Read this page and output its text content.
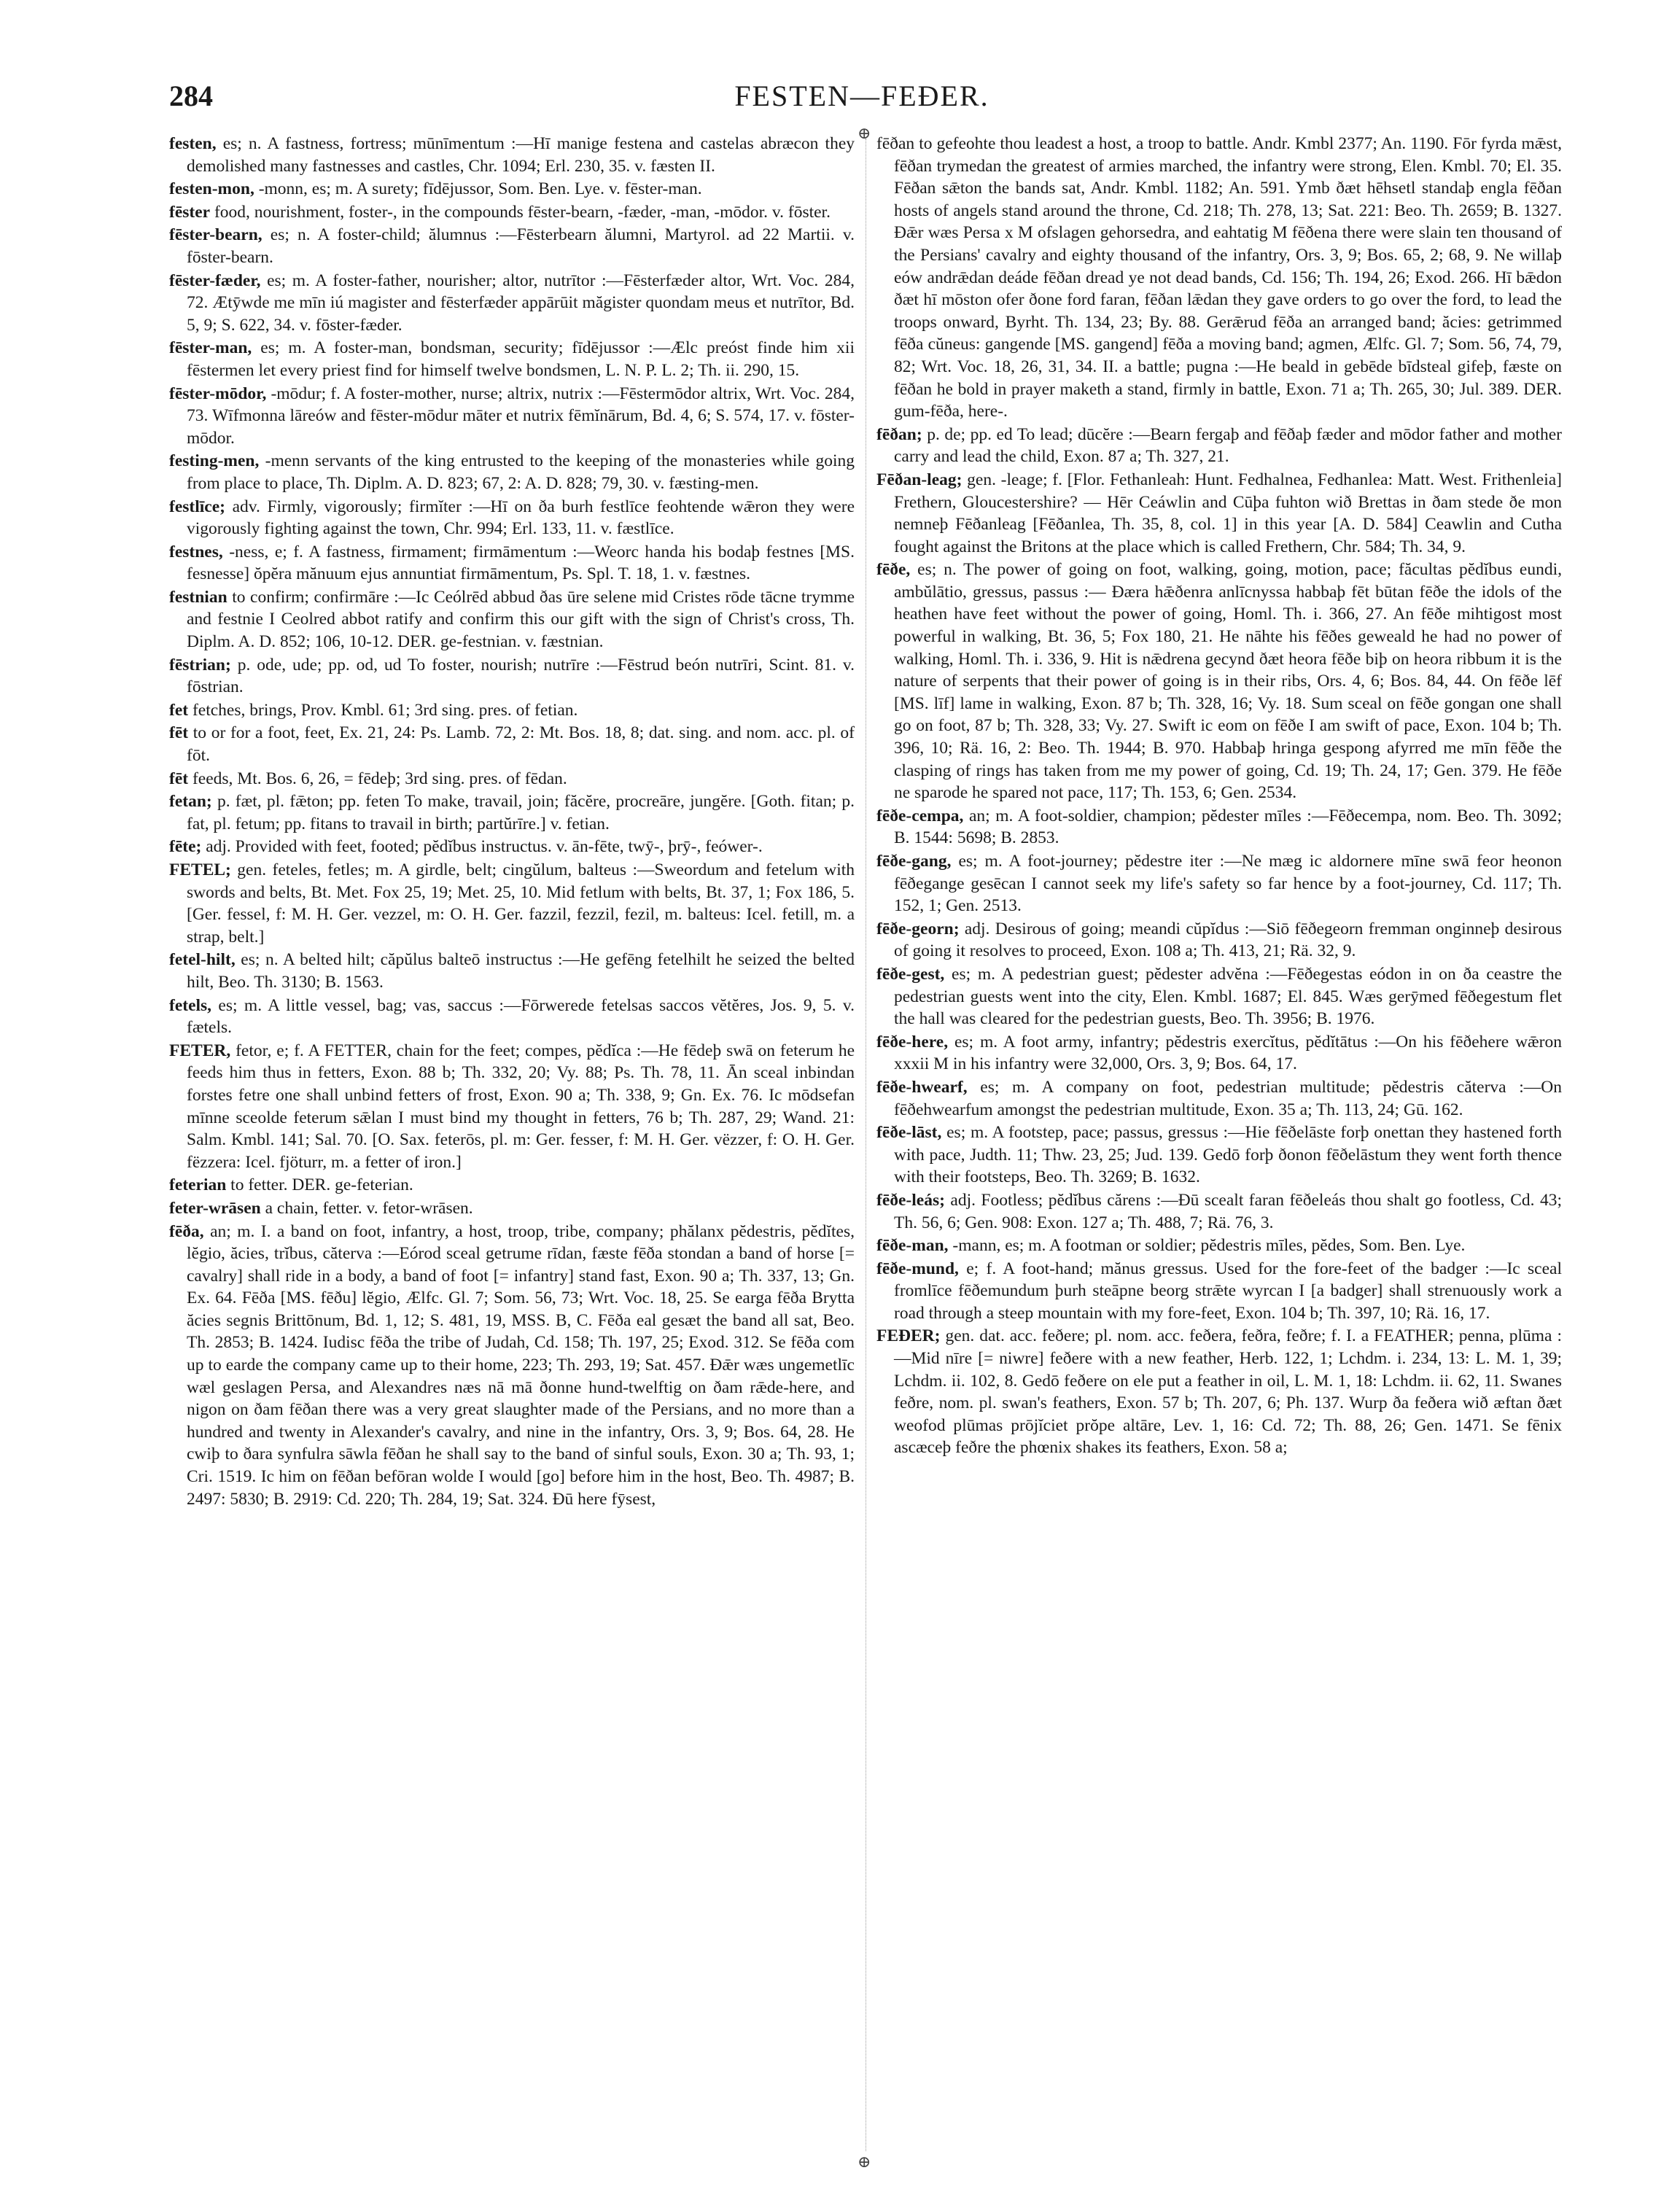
284	FESTEN—FEÐER.
⊕
⊕

festen, es; n. A fastness, fortress; mūnīmentum :—Hī manige festena and castelas abræcon they demolished many fastnesses and castles, Chr. 1094; Erl. 230, 35. v. fæsten II.

festen-mon, -monn, es; m. A surety; fīdējussor, Som. Ben. Lye. v. fēster-man.

fēster food, nourishment, foster-, in the compounds fēster-bearn, -fæder, -man, -mōdor. v. fōster.

fēster-bearn, es; n. A foster-child; ălumnus :—Fēsterbearn ălumni, Martyrol. ad 22 Martii. v. fōster-bearn.

fēster-fæder, es; m. A foster-father, nourisher; altor, nutrītor :—Fēsterfæder altor, Wrt. Voc. 284, 72. Ætȳwde me mīn iú magister and fēsterfæder appārūit măgister quondam meus et nutrītor, Bd. 5, 9; S. 622, 34. v. fōster-fæder.

fēster-man, es; m. A foster-man, bondsman, security; fīdējussor :—Ælc preóst finde him xii fēstermen let every priest find for himself twelve bondsmen, L. N. P. L. 2; Th. ii. 290, 15.

fēster-mōdor, -mōdur; f. A foster-mother, nurse; altrix, nutrix :—Fēstermōdor altrix, Wrt. Voc. 284, 73. Wīfmonna lāreów and fēster-mōdur māter et nutrix fēmĭnārum, Bd. 4, 6; S. 574, 17. v. fōster-mōdor.

festing-men, -menn servants of the king entrusted to the keeping of the monasteries while going from place to place, Th. Diplm. A. D. 823; 67, 2: A. D. 828; 79, 30. v. fæsting-men.

festlīce; adv. Firmly, vigorously; firmĭter :—Hī on ða burh festlīce feohtende wǣron they were vigorously fighting against the town, Chr. 994; Erl. 133, 11. v. fæstlīce.

festnes, -ness, e; f. A fastness, firmament; firmāmentum :—Weorc handa his bodaþ festnes [MS. fesnesse] ŏpĕra mănuum ejus annuntiat firmāmentum, Ps. Spl. T. 18, 1. v. fæstnes.

festnian to confirm; confirmāre :—Ic Ceólrēd abbud ðas ūre selene mid Cristes rōde tācne trymme and festnie I Ceolred abbot ratify and confirm this our gift with the sign of Christ's cross, Th. Diplm. A. D. 852; 106, 10-12. DER. ge-festnian. v. fæstnian.

fēstrian; p. ode, ude; pp. od, ud To foster, nourish; nutrīre :—Fēstrud beón nutrīri, Scint. 81. v. fōstrian.

fet fetches, brings, Prov. Kmbl. 61; 3rd sing. pres. of fetian.

fēt to or for a foot, feet, Ex. 21, 24: Ps. Lamb. 72, 2: Mt. Bos. 18, 8; dat. sing. and nom. acc. pl. of fōt.

fēt feeds, Mt. Bos. 6, 26, = fēdeþ; 3rd sing. pres. of fēdan.

fetan; p. fæt, pl. fǣton; pp. feten To make, travail, join; făcĕre, procreāre, jungĕre. [Goth. fitan; p. fat, pl. fetum; pp. fitans to travail in birth; partŭrīre.] v. fetian.

fēte; adj. Provided with feet, footed; pĕdĭbus instructus. v. ān-fēte, twȳ-, þrȳ-, feówer-.

FETEL; gen. feteles, fetles; m. A girdle, belt; cingŭlum, balteus :—Sweordum and fetelum with swords and belts, Bt. Met. Fox 25, 19; Met. 25, 10. Mid fetlum with belts, Bt. 37, 1; Fox 186, 5. [Ger. fessel, f: M. H. Ger. vezzel, m: O. H. Ger. fazzil, fezzil, fezil, m. balteus: Icel. fetill, m. a strap, belt.]

fetel-hilt, es; n. A belted hilt; căpŭlus balteō instructus :—He gefēng fetelhilt he seized the belted hilt, Beo. Th. 3130; B. 1563.

fetels, es; m. A little vessel, bag; vas, saccus :—Fōrwerede fetelsas saccos vĕtĕres, Jos. 9, 5. v. fætels.

FETER, fetor, e; f. A FETTER, chain for the feet; compes, pĕdĭca :—He fēdeþ swā on feterum he feeds him thus in fetters, Exon. 88 b; Th. 332, 20; Vy. 88; Ps. Th. 78, 11. Ān sceal inbindan forstes fetre one shall unbind fetters of frost, Exon. 90 a; Th. 338, 9; Gn. Ex. 76. Ic mōdsefan mīnne sceolde feterum sǣlan I must bind my thought in fetters, 76 b; Th. 287, 29; Wand. 21: Salm. Kmbl. 141; Sal. 70. [O. Sax. feterōs, pl. m: Ger. fesser, f: M. H. Ger. vëzzer, f: O. H. Ger. fëzzera: Icel. fjöturr, m. a fetter of iron.]

feterian to fetter. DER. ge-feterian.

feter-wrāsen a chain, fetter. v. fetor-wrāsen.

fēða, an; m. I. a band on foot, infantry, a host, troop, tribe, company; phălanx pĕdestris, pĕdĭtes, lĕgio, ăcies, trĭbus, căterva :—Eórod sceal getrume rīdan, fæste fēða stondan a band of horse [= cavalry] shall ride in a body, a band of foot [= infantry] stand fast, Exon. 90 a; Th. 337, 13; Gn. Ex. 64. Fēða [MS. fēðu] lĕgio, Ælfc. Gl. 7; Som. 56, 73; Wrt. Voc. 18, 25. Se earga fēða Brytta ăcies segnis Brittōnum, Bd. 1, 12; S. 481, 19, MSS. B, C. Fēða eal gesæt the band all sat, Beo. Th. 2853; B. 1424. Iudisc fēða the tribe of Judah, Cd. 158; Th. 197, 25; Exod. 312. Se fēða com up to earde the company came up to their home, 223; Th. 293, 19; Sat. 457. Ðǣr wæs ungemetlīc wæl geslagen Persa, and Alexandres næs nā mā ðonne hund-twelftig on ðam rǣde-here, and nigon on ðam fēðan there was a very great slaughter made of the Persians, and no more than a hundred and twenty in Alexander's cavalry, and nine in the infantry, Ors. 3, 9; Bos. 64, 28. He cwiþ to ðara synfulra sāwla fēðan he shall say to the band of sinful souls, Exon. 30 a; Th. 93, 1; Cri. 1519. Ic him on fēðan befōran wolde I would [go] before him in the host, Beo. Th. 4987; B. 2497: 5830; B. 2919: Cd. 220; Th. 284, 19; Sat. 324. Ðū here fȳsest,

fēðan to gefeohte thou leadest a host, a troop to battle. Andr. Kmbl 2377; An. 1190. Fōr fyrda mǣst, fēðan trymedan the greatest of armies marched, the infantry were strong, Elen. Kmbl. 70; El. 35. Fēðan sǣton the bands sat, Andr. Kmbl. 1182; An. 591. Ymb ðæt hēhsetl standaþ engla fēðan hosts of angels stand around the throne, Cd. 218; Th. 278, 13; Sat. 221: Beo. Th. 2659; B. 1327. Ðǣr wæs Persa x M ofslagen gehorsedra, and eahtatig M fēðena there were slain ten thousand of the Persians' cavalry and eighty thousand of the infantry, Ors. 3, 9; Bos. 65, 2; 68, 9. Ne willaþ eów andrǣdan deáde fēðan dread ye not dead bands, Cd. 156; Th. 194, 26; Exod. 266. Hī bǣdon ðæt hī mōston ofer ðone ford faran, fēðan lǣdan they gave orders to go over the ford, to lead the troops onward, Byrht. Th. 134, 23; By. 88. Gerǣrud fēða an arranged band; ăcies: getrimmed fēða cŭneus: gangende [MS. gangend] fēða a moving band; agmen, Ælfc. Gl. 7; Som. 56, 74, 79, 82; Wrt. Voc. 18, 26, 31, 34. II. a battle; pugna :—He beald in gebēde bīdsteal gifeþ, fæste on fēðan he bold in prayer maketh a stand, firmly in battle, Exon. 71 a; Th. 265, 30; Jul. 389. DER. gum-fēða, here-.

fēðan; p. de; pp. ed To lead; dūcĕre :—Bearn fergaþ and fēðaþ fæder and mōdor father and mother carry and lead the child, Exon. 87 a; Th. 327, 21.

Fēðan-leag; gen. -leage; f. [Flor. Fethanleah: Hunt. Fedhalnea, Fedhanlea: Matt. West. Frithenleia] Frethern, Gloucestershire? — Hēr Ceáwlin and Cūþa fuhton wið Brettas in ðam stede ðe mon nemneþ Fēðanleag [Fēðanlea, Th. 35, 8, col. 1] in this year [A. D. 584] Ceawlin and Cutha fought against the Britons at the place which is called Frethern, Chr. 584; Th. 34, 9.

fēðe, es; n. The power of going on foot, walking, going, motion, pace; făcultas pĕdĭbus eundi, ambŭlātio, gressus, passus :— Ðæra hǣðenra anlīcnyssa habbaþ fēt būtan fēðe the idols of the heathen have feet without the power of going, Homl. Th. i. 366, 27. An fēðe mihtigost most powerful in walking, Bt. 36, 5; Fox 180, 21. He nāhte his fēðes geweald he had no power of walking, Homl. Th. i. 336, 9. Hit is nǣdrena gecynd ðæt heora fēðe biþ on heora ribbum it is the nature of serpents that their power of going is in their ribs, Ors. 4, 6; Bos. 84, 44. On fēðe lēf [MS. līf] lame in walking, Exon. 87 b; Th. 328, 16; Vy. 18. Sum sceal on fēðe gongan one shall go on foot, 87 b; Th. 328, 33; Vy. 27. Swift ic eom on fēðe I am swift of pace, Exon. 104 b; Th. 396, 10; Rä. 16, 2: Beo. Th. 1944; B. 970. Habbaþ hringa gespong afyrred me mīn fēðe the clasping of rings has taken from me my power of going, Cd. 19; Th. 24, 17; Gen. 379. He fēðe ne sparode he spared not pace, 117; Th. 153, 6; Gen. 2534.

fēðe-cempa, an; m. A foot-soldier, champion; pĕdester mīles :—Fēðecempa, nom. Beo. Th. 3092; B. 1544: 5698; B. 2853.

fēðe-gang, es; m. A foot-journey; pĕdestre iter :—Ne mæg ic aldornere mīne swā feor heonon fēðegange gesēcan I cannot seek my life's safety so far hence by a foot-journey, Cd. 117; Th. 152, 1; Gen. 2513.

fēðe-georn; adj. Desirous of going; meandi cŭpĭdus :—Siō fēðegeorn fremman onginneþ desirous of going it resolves to proceed, Exon. 108 a; Th. 413, 21; Rä. 32, 9.

fēðe-gest, es; m. A pedestrian guest; pĕdester advĕna :—Fēðegestas eódon in on ða ceastre the pedestrian guests went into the city, Elen. Kmbl. 1687; El. 845. Wæs gerȳmed fēðegestum flet the hall was cleared for the pedestrian guests, Beo. Th. 3956; B. 1976.

fēðe-here, es; m. A foot army, infantry; pĕdestris exercĭtus, pĕdĭtātus :—On his fēðehere wǣron xxxii M in his infantry were 32,000, Ors. 3, 9; Bos. 64, 17.

fēðe-hwearf, es; m. A company on foot, pedestrian multitude; pĕdestris căterva :—On fēðehwearfum amongst the pedestrian multitude, Exon. 35 a; Th. 113, 24; Gū. 162.

fēðe-lāst, es; m. A footstep, pace; passus, gressus :—Hie fēðelāste forþ onettan they hastened forth with pace, Judth. 11; Thw. 23, 25; Jud. 139. Gedō forþ ðonon fēðelāstum they went forth thence with their footsteps, Beo. Th. 3269; B. 1632.

fēðe-leás; adj. Footless; pĕdĭbus cărens :—Ðū scealt faran fēðeleás thou shalt go footless, Cd. 43; Th. 56, 6; Gen. 908: Exon. 127 a; Th. 488, 7; Rä. 76, 3.

fēðe-man, -mann, es; m. A footman or soldier; pĕdestris mīles, pĕdes, Som. Ben. Lye.

fēðe-mund, e; f. A foot-hand; mănus gressus. Used for the fore-feet of the badger :—Ic sceal fromlīce fēðemundum þurh steāpne beorg strǣte wyrcan I [a badger] shall strenuously work a road through a steep mountain with my fore-feet, Exon. 104 b; Th. 397, 10; Rä. 16, 17.

FEÐER; gen. dat. acc. feðere; pl. nom. acc. feðera, feðra, feðre; f. I. a FEATHER; penna, plūma :—Mid nīre [= niwre] feðere with a new feather, Herb. 122, 1; Lchdm. i. 234, 13: L. M. 1, 39; Lchdm. ii. 102, 8. Gedō feðere on ele put a feather in oil, L. M. 1, 18: Lchdm. ii. 62, 11. Swanes feðre, nom. pl. swan's feathers, Exon. 57 b; Th. 207, 6; Ph. 137. Wurp ða feðera wið æftan ðæt weofod plūmas prōjĭciet prŏpe altāre, Lev. 1, 16: Cd. 72; Th. 88, 26; Gen. 1471. Se fēnix ascæceþ feðre the phœnix shakes its feathers, Exon. 58 a;
